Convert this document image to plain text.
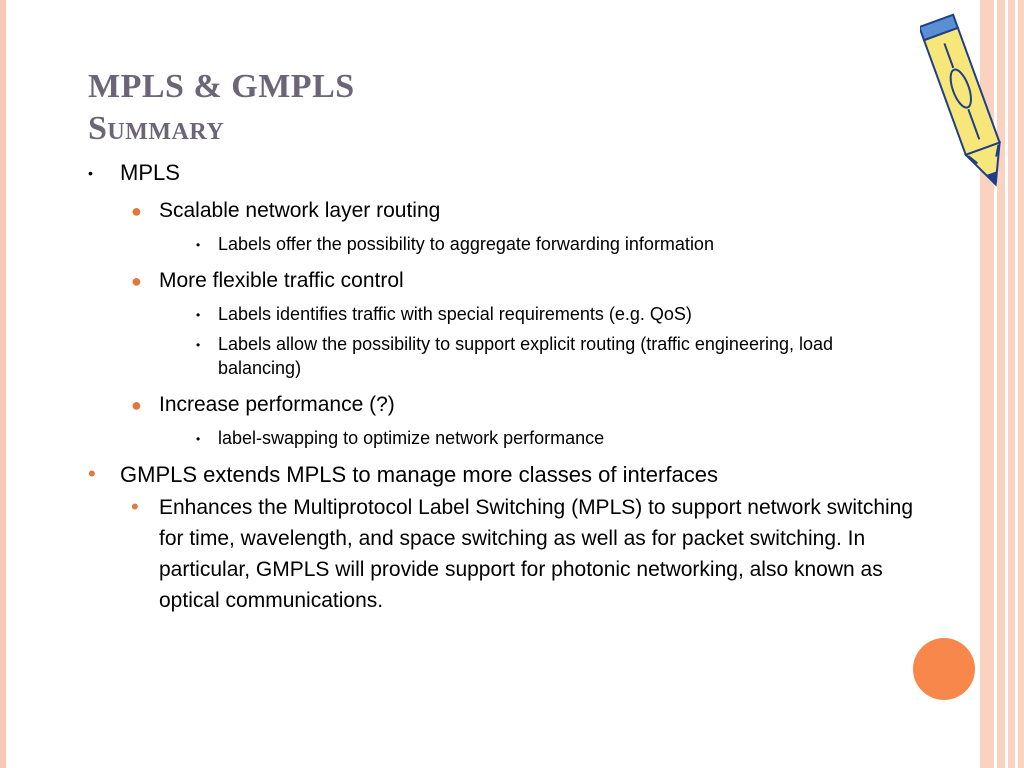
MPLS & GMPLS
Summary
• MPLS
● Scalable network layer routing
• Labels offer the possibility to aggregate forwarding information
● More flexible traffic control
• Labels identifies traffic with special requirements (e.g. QoS)
• Labels allow the possibility to support explicit routing (traffic engineering, load balancing)
● Increase performance (?)
• label-swapping to optimize network performance
• GMPLS extends MPLS to manage more classes of interfaces
• Enhances the Multiprotocol Label Switching (MPLS) to support network switching for time, wavelength, and space switching as well as for packet switching. In particular, GMPLS will provide support for photonic networking, also known as optical communications.
